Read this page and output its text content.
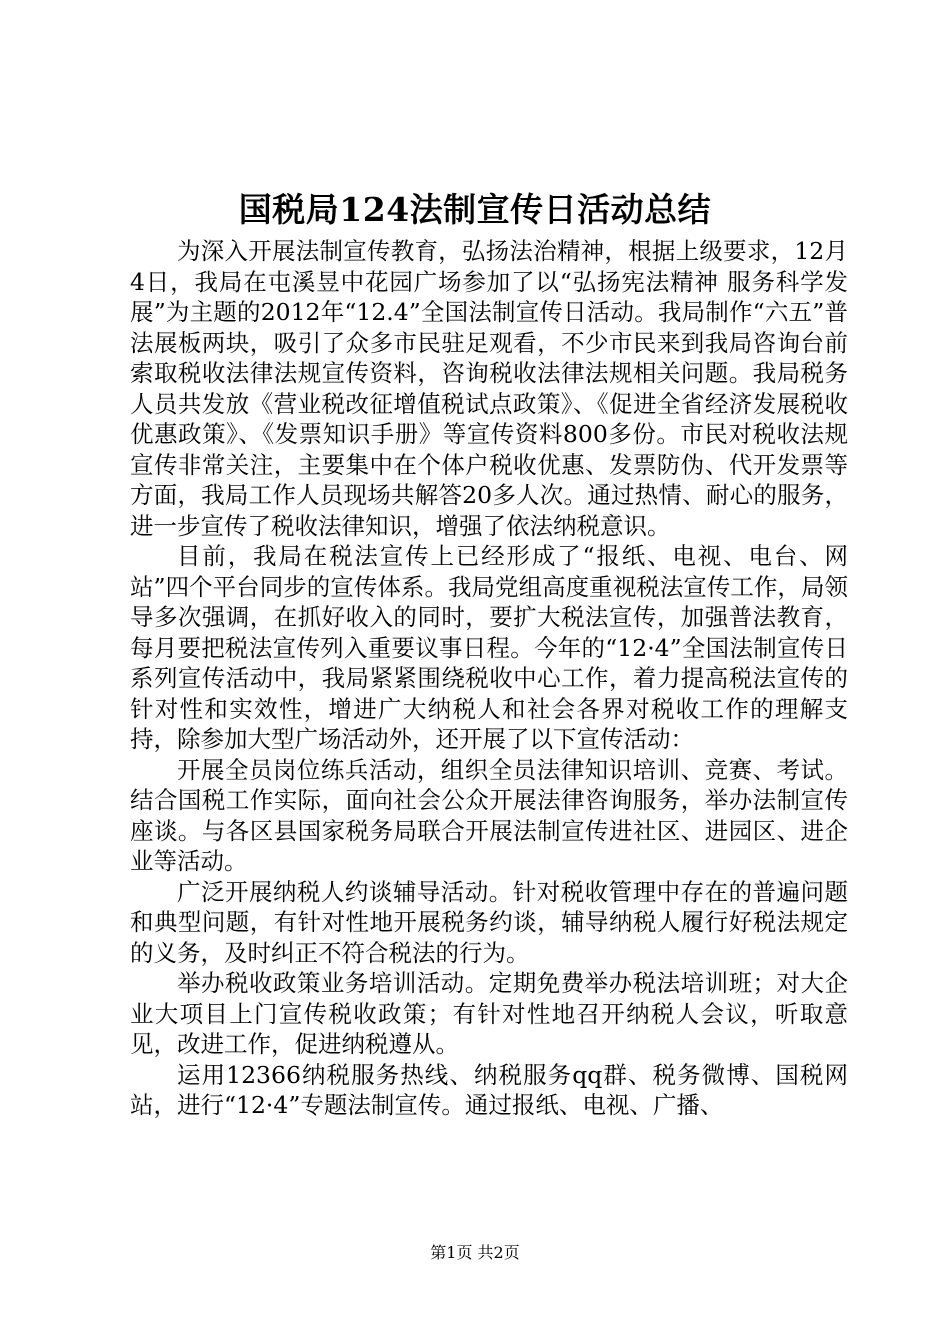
国税局124法制宣传日活动总结

为深入开展法制宣传教育，弘扬法治精神，根据上级要求，12月4日，我局在屯溪昱中花园广场参加了以“弘扬宪法精神 服务科学发展”为主题的2012年“12.4”全国法制宣传日活动。我局制作“六五”普法展板两块，吸引了众多市民驻足观看，不少市民来到我局咨询台前索取税收法律法规宣传资料，咨询税收法律法规相关问题。我局税务人员共发放《营业税改征增值税试点政策》、《促进全省经济发展税收优惠政策》、《发票知识手册》等宣传资料800多份。市民对税收法规宣传非常关注，主要集中在个体户税收优惠、发票防伪、代开发票等方面，我局工作人员现场共解答20多人次。通过热情、耐心的服务，进一步宣传了税收法律知识，增强了依法纳税意识。

目前，我局在税法宣传上已经形成了“报纸、电视、电台、网站”四个平台同步的宣传体系。我局党组高度重视税法宣传工作，局领导多次强调，在抓好收入的同时，要扩大税法宣传，加强普法教育，每月要把税法宣传列入重要议事日程。今年的“12·4”全国法制宣传日系列宣传活动中，我局紧紧围绕税收中心工作，着力提高税法宣传的针对性和实效性，增进广大纳税人和社会各界对税收工作的理解支持，除参加大型广场活动外，还开展了以下宣传活动：

开展全员岗位练兵活动，组织全员法律知识培训、竞赛、考试。结合国税工作实际，面向社会公众开展法律咨询服务，举办法制宣传座谈。与各区县国家税务局联合开展法制宣传进社区、进园区、进企业等活动。

广泛开展纳税人约谈辅导活动。针对税收管理中存在的普遍问题和典型问题，有针对性地开展税务约谈，辅导纳税人履行好税法规定的义务，及时纠正不符合税法的行为。

举办税收政策业务培训活动。定期免费举办税法培训班；对大企业大项目上门宣传税收政策；有针对性地召开纳税人会议，听取意见，改进工作，促进纳税遵从。

运用12366纳税服务热线、纳税服务qq群、税务微博、国税网站，进行“12·4”专题法制宣传。通过报纸、电视、广播、

第1页 共2页
